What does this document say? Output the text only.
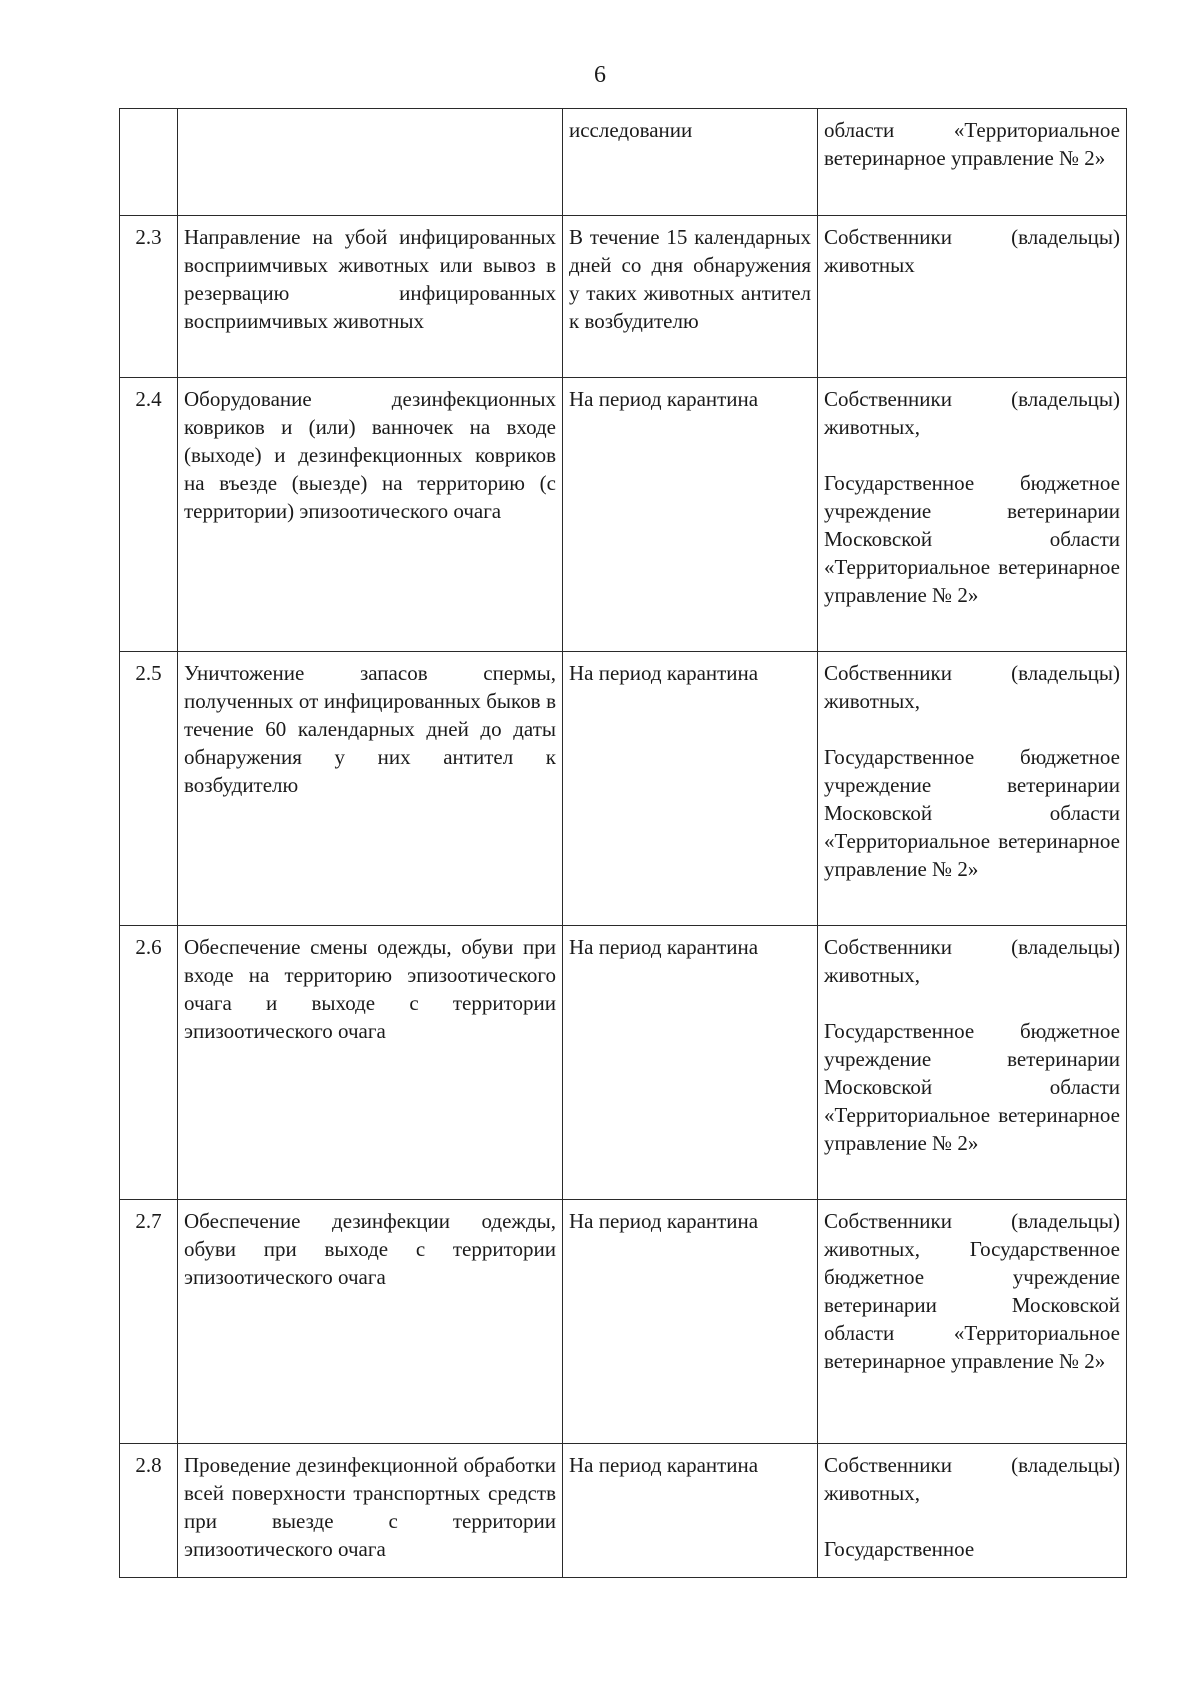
6
		исследовании	области «Территориальное ветеринарное управление № 2»

2.3	Направление на убой инфицированных восприимчивых животных или вывоз в резервацию инфицированных восприимчивых животных	В течение 15 календарных дней со дня обнаружения у таких животных антител к возбудителю	Собственники (владельцы) животных

2.4	Оборудование дезинфекционных ковриков и (или) ванночек на входе (выходе) и дезинфекционных ковриков на въезде (выезде) на территорию (с территории) эпизоотического очага	На период карантина	Собственники (владельцы) животных,
Государственное бюджетное учреждение ветеринарии Московской области «Территориальное ветеринарное управление № 2»

2.5	Уничтожение запасов спермы, полученных от инфицированных быков в течение 60 календарных дней до даты обнаружения у них антител к возбудителю	На период карантина	Собственники (владельцы) животных,
Государственное бюджетное учреждение ветеринарии Московской области «Территориальное ветеринарное управление № 2»

2.6	Обеспечение смены одежды, обуви при входе на территорию эпизоотического очага и выходе с территории эпизоотического очага	На период карантина	Собственники (владельцы) животных,
Государственное бюджетное учреждение ветеринарии Московской области «Территориальное ветеринарное управление № 2»

2.7	Обеспечение дезинфекции одежды, обуви при выходе с территории эпизоотического очага	На период карантина	Собственники (владельцы) животных, Государственное бюджетное учреждение ветеринарии Московской области «Территориальное ветеринарное управление № 2»

2.8	Проведение дезинфекционной обработки всей поверхности транспортных средств при выезде с территории эпизоотического очага	На период карантина	Собственники (владельцы) животных,
Государственное
